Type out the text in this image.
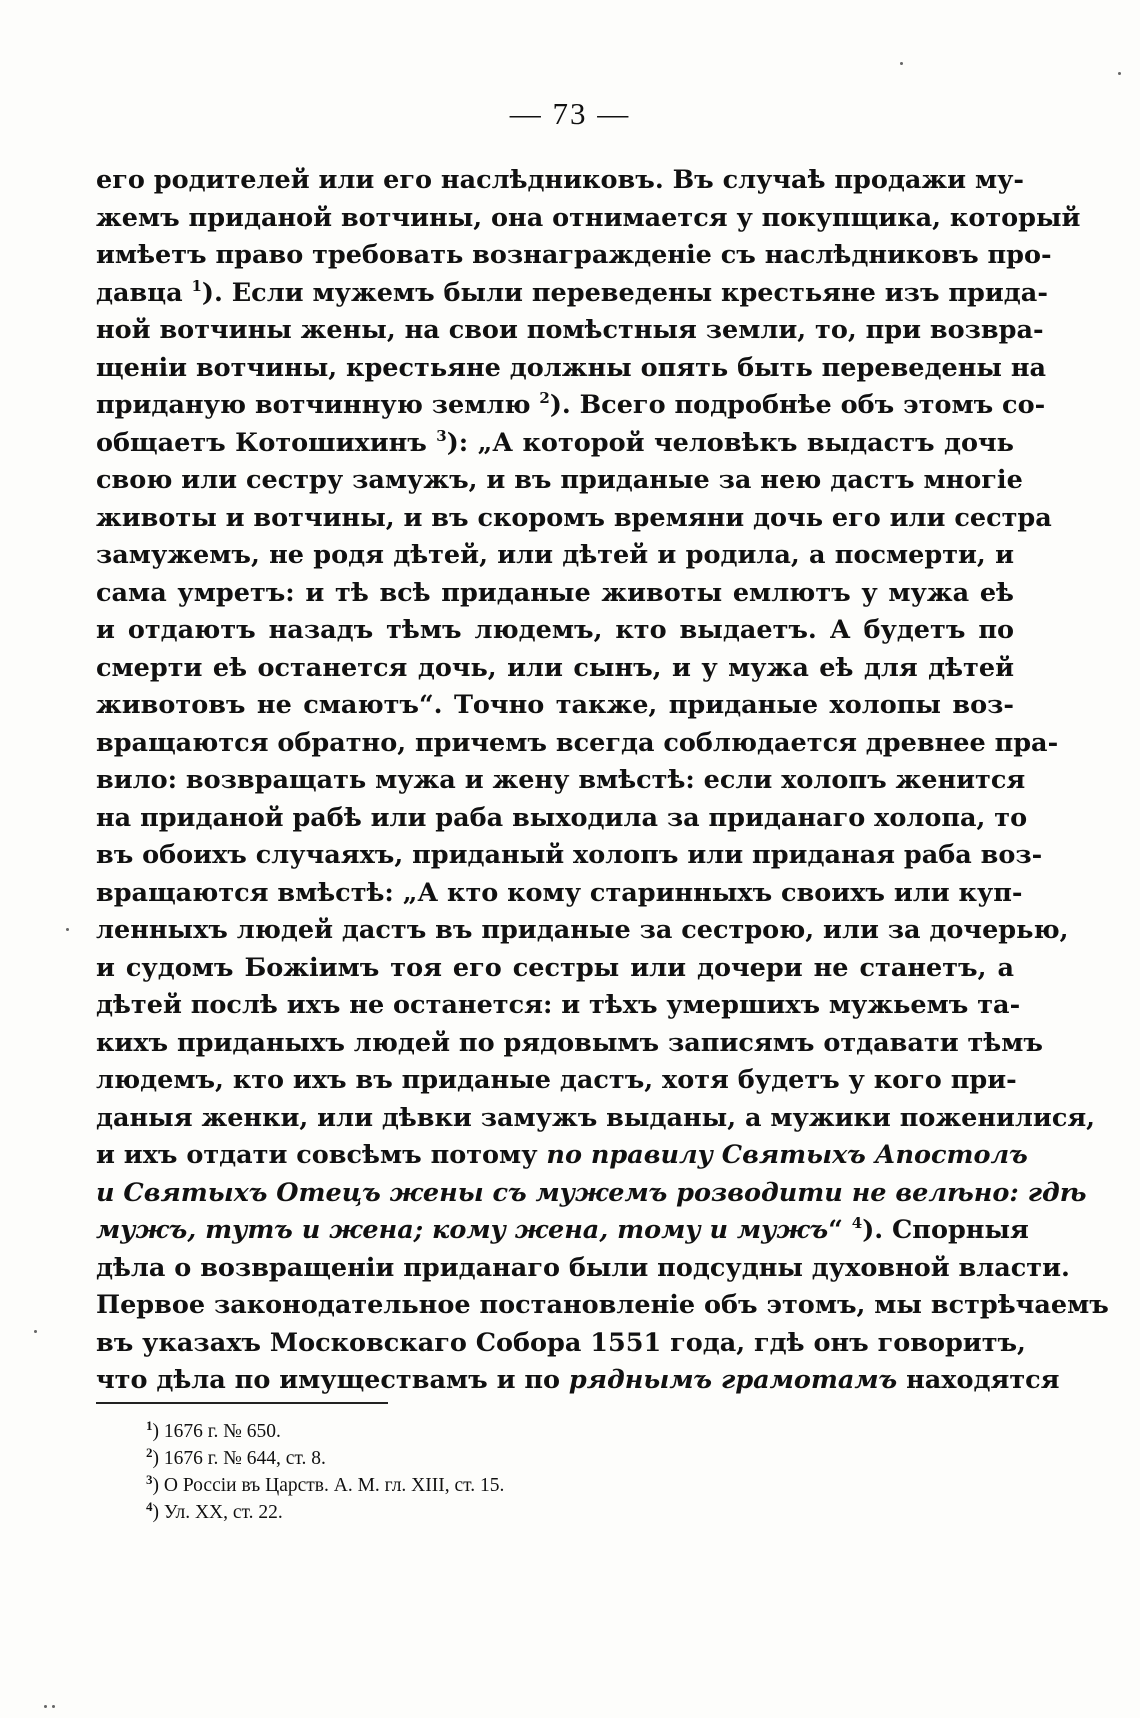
— 73 —
его родителей или его наслѣдниковъ. Въ случаѣ продажи му-
жемъ приданой вотчины, она отнимается у покупщика, который
имѣетъ право требовать вознагражденіе съ наслѣдниковъ про-
давца $^1$). Если мужемъ были переведены крестьяне изъ прида-
ной вотчины жены, на свои помѣстныя земли, то, при возвра-
щеніи вотчины, крестьяне должны опять быть переведены на
приданую вотчинную землю $^2$). Всего подробнѣе объ этомъ со-
общаетъ Котошихинъ $^3$): „А которой человѣкъ выдастъ дочь
свою или сестру замужъ, и въ приданые за нею дастъ многіе
животы и вотчины, и въ скоромъ времяни дочь его или сестра
замужемъ, не родя дѣтей, или дѣтей и родила, а посмерти, и
сама умретъ: и тѣ всѣ приданые животы емлютъ у мужа eѣ
и отдаютъ назадъ тѣмъ людемъ, кто выдаетъ. А будетъ по
смерти eѣ останется дочь, или сынъ, и у мужа eѣ для дѣтей
животовъ не смаютъ“. Точно также, приданые холопы воз-
вращаются обратно, причемъ всегда соблюдается древнее пра-
вило: возвращать мужа и жену вмѣстѣ: если холопъ женится
на приданой рабѣ или раба выходила за приданаго холопа, то
въ обоихъ случаяхъ, приданый холопъ или приданая раба воз-
вращаются вмѣстѣ: „А кто кому старинныхъ своихъ или куп-
ленныхъ людей дастъ въ приданые за сестрою, или за дочерью,
и судомъ Божіимъ тоя его сестры или дочери не станетъ, а
дѣтей послѣ ихъ не останется: и тѣхъ умершихъ мужьемъ та-
кихъ приданыхъ людей по рядовымъ записямъ отдавати тѣмъ
людемъ, кто ихъ въ приданые дастъ, хотя будетъ у кого при-
даныя женки, или дѣвки замужъ выданы, а мужики поженилися,
и ихъ отдати совсѣмъ потому по правилу Святыхъ Апостолъ
и Святыхъ Отецъ жены съ мужемъ розводити не велѣно: гдѣ
мужъ, тутъ и жена; кому жена, тому и мужъ“ $^4$). Спорныя
дѣла о возвращеніи приданаго были подсудны духовной власти.
Первое законодательное постановленіе объ этомъ, мы встрѣчаемъ
въ указахъ Московскаго Собора 1551 года, гдѣ онъ говоритъ,
что дѣла по имуществамъ и по ряднымъ грамотамъ находятся
$^1$) 1676 г. № 650.
$^2$) 1676 г. № 644, ст. 8.
$^3$) О Россіи въ Царств. А. М. гл. XIII, ст. 15.
$^4$) Ул. XX, ст. 22.
